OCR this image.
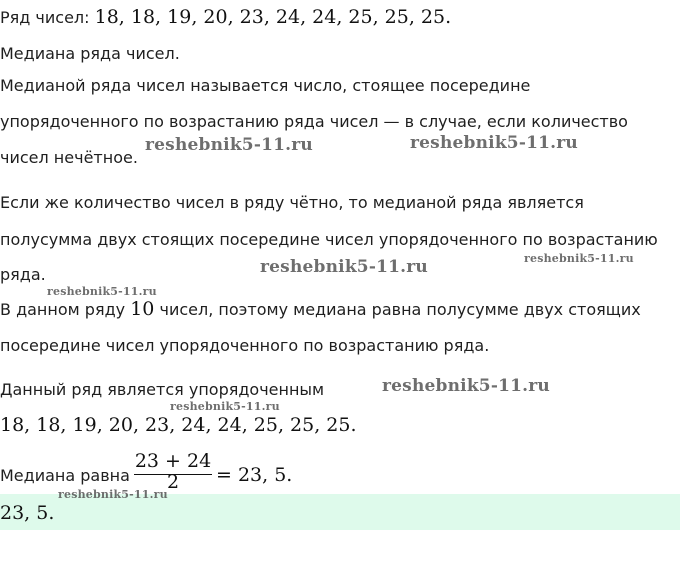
Ряд чисел: 18, 18, 19, 20, 23, 24, 24, 25, 25, 25.
Медиана ряда чисел.
Медианой ряда чисел называется число, стоящее посередине
упорядоченного по возрастанию ряда чисел — в случае, если количество
чисел нечётное.
Если же количество чисел в ряду чётно, то медианой ряда является
полусумма двух стоящих посередине чисел упорядоченного по возрастанию
ряда.
В данном ряду 10 чисел, поэтому медиана равна полусумме двух стоящих
посередине чисел упорядоченного по возрастанию ряда.
Данный ряд является упорядоченным
18, 18, 19, 20, 23, 24, 24, 25, 25, 25.
Медиана равна
23 + 24
2	= 23, 5.
23, 5.
reshebnik5-11.ru	reshebnik5-11.ru
reshebnik5-11.ru	reshebnik5-11.ru
reshebnik5-11.ru
reshebnik5-11.ru
reshebnik5-11.ru
reshebnik5-11.ru
